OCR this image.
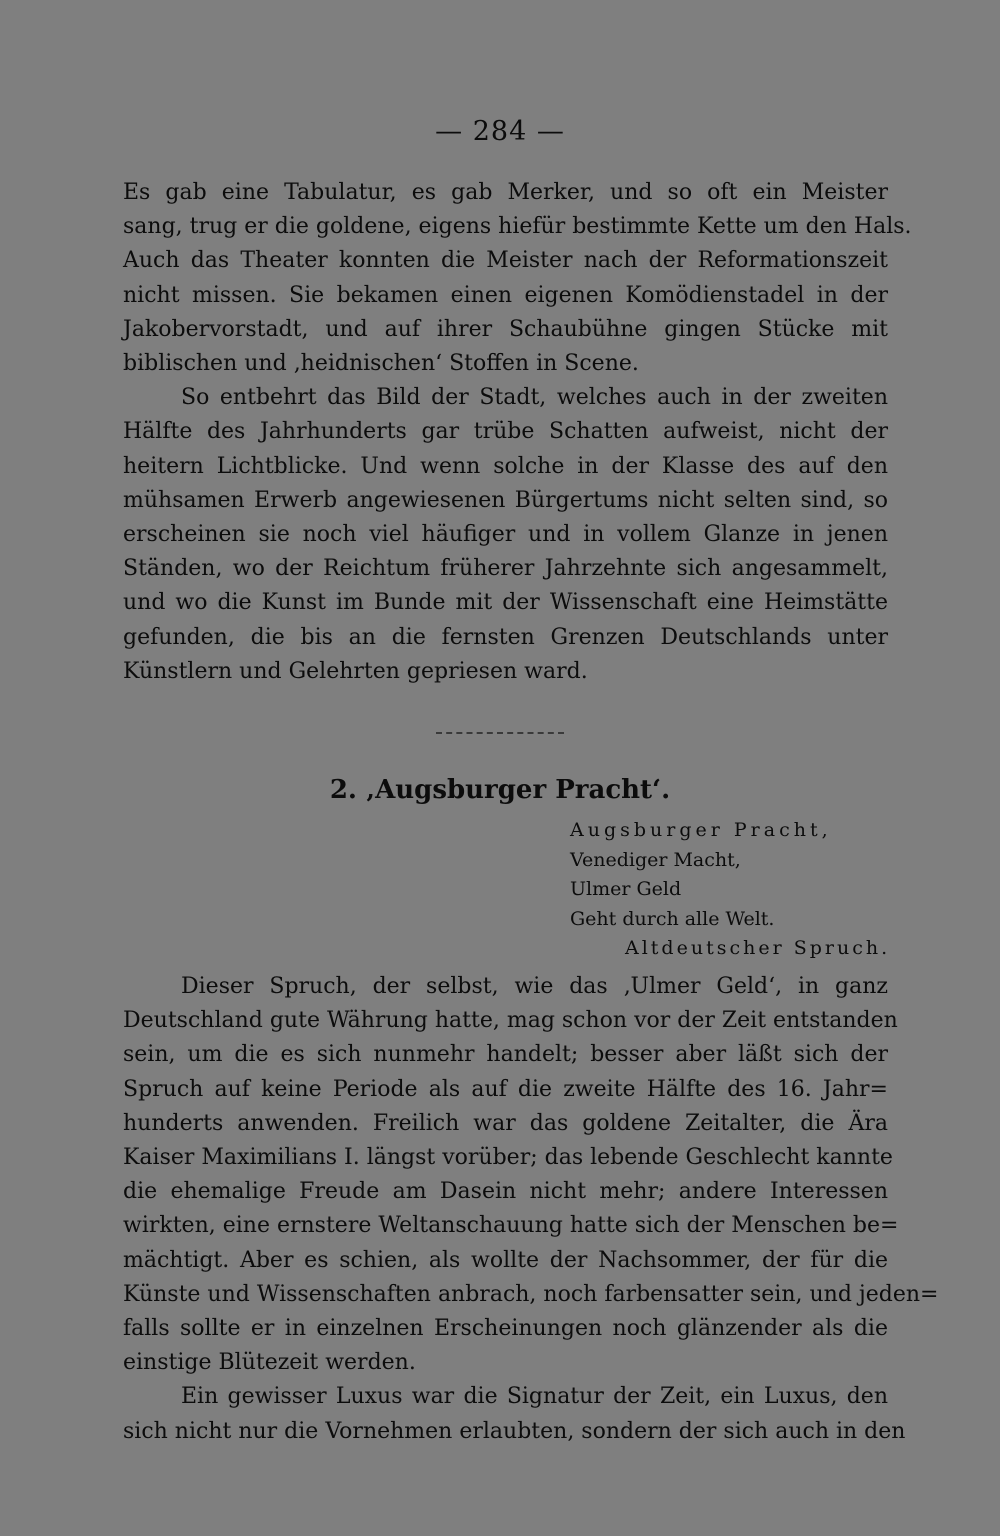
— 284 —
Es gab eine Tabulatur, es gab Merker, und so oft ein Meister
sang, trug er die goldene, eigens hiefür bestimmte Kette um den Hals.
Auch das Theater konnten die Meister nach der Reformationszeit
nicht missen. Sie bekamen einen eigenen Komödienstadel in der
Jakobervorstadt, und auf ihrer Schaubühne gingen Stücke mit
biblischen und ‚heidnischen‘ Stoffen in Scene.
So entbehrt das Bild der Stadt, welches auch in der zweiten
Hälfte des Jahrhunderts gar trübe Schatten aufweist, nicht der
heitern Lichtblicke. Und wenn solche in der Klasse des auf den
mühsamen Erwerb angewiesenen Bürgertums nicht selten sind, so
erscheinen sie noch viel häufiger und in vollem Glanze in jenen
Ständen, wo der Reichtum früherer Jahrzehnte sich angesammelt,
und wo die Kunst im Bunde mit der Wissenschaft eine Heimstätte
gefunden, die bis an die fernsten Grenzen Deutschlands unter
Künstlern und Gelehrten gepriesen ward.
2. ‚Augsburger Pracht‘.
Augsburger Pracht,
Venediger Macht,
Ulmer Geld
Geht durch alle Welt.
Altdeutscher Spruch.
Dieser Spruch, der selbst, wie das ‚Ulmer Geld‘, in ganz
Deutschland gute Währung hatte, mag schon vor der Zeit entstanden
sein, um die es sich nunmehr handelt; besser aber läßt sich der
Spruch auf keine Periode als auf die zweite Hälfte des 16. Jahr=
hunderts anwenden. Freilich war das goldene Zeitalter, die Ära
Kaiser Maximilians I. längst vorüber; das lebende Geschlecht kannte
die ehemalige Freude am Dasein nicht mehr; andere Interessen
wirkten, eine ernstere Weltanschauung hatte sich der Menschen be=
mächtigt. Aber es schien, als wollte der Nachsommer, der für die
Künste und Wissenschaften anbrach, noch farbensatter sein, und jeden=
falls sollte er in einzelnen Erscheinungen noch glänzender als die
einstige Blütezeit werden.
Ein gewisser Luxus war die Signatur der Zeit, ein Luxus, den
sich nicht nur die Vornehmen erlaubten, sondern der sich auch in den
